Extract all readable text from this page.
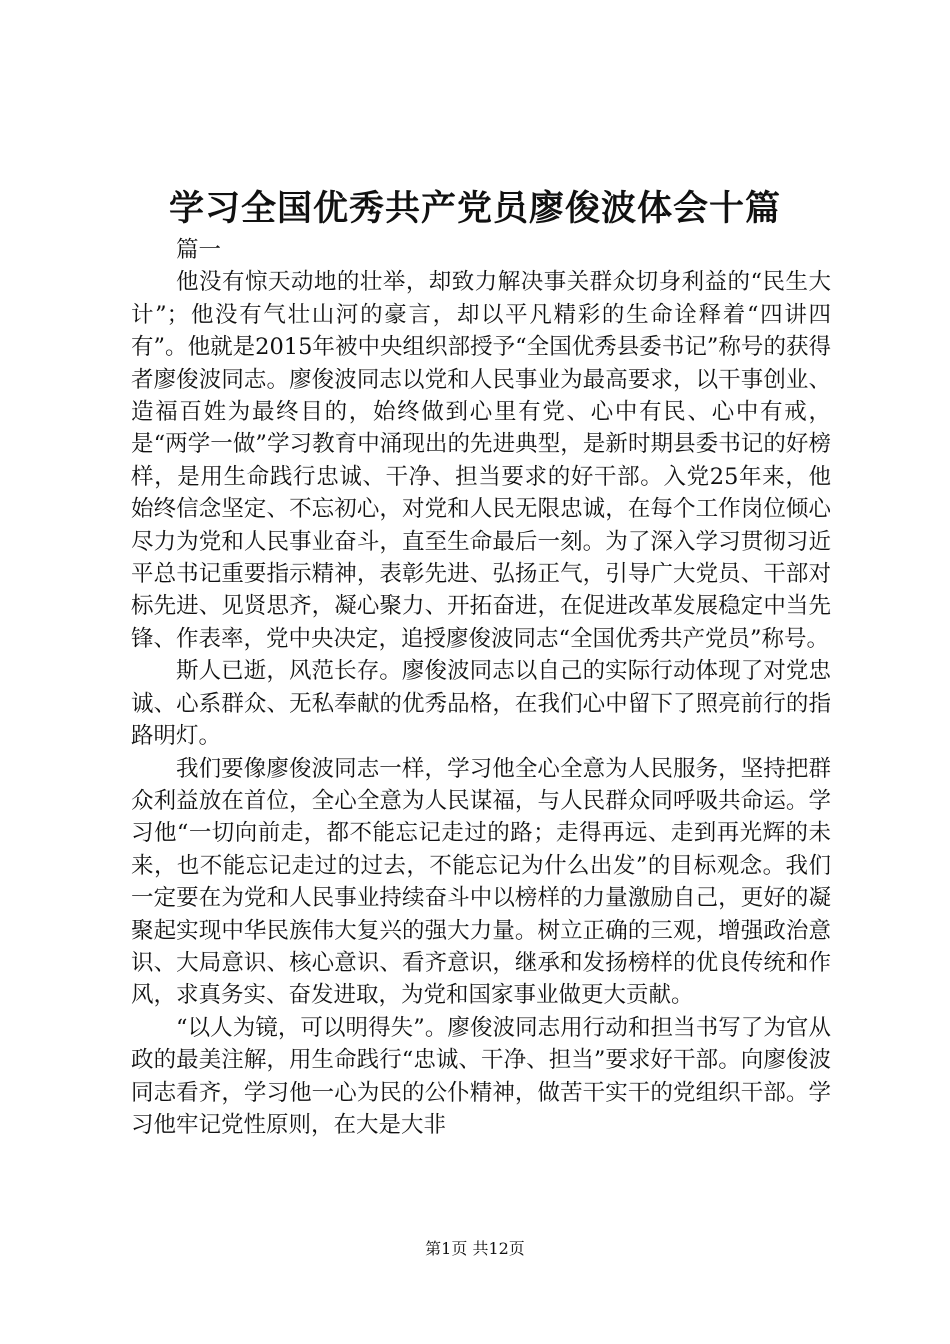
学习全国优秀共产党员廖俊波体会十篇

篇一

他没有惊天动地的壮举，却致力解决事关群众切身利益的“民生大计”；他没有气壮山河的豪言，却以平凡精彩的生命诠释着“四讲四有”。他就是2015年被中央组织部授予“全国优秀县委书记”称号的获得者廖俊波同志。廖俊波同志以党和人民事业为最高要求，以干事创业、造福百姓为最终目的，始终做到心里有党、心中有民、心中有戒，是“两学一做”学习教育中涌现出的先进典型，是新时期县委书记的好榜样，是用生命践行忠诚、干净、担当要求的好干部。入党25年来，他始终信念坚定、不忘初心，对党和人民无限忠诚，在每个工作岗位倾心尽力为党和人民事业奋斗，直至生命最后一刻。为了深入学习贯彻习近平总书记重要指示精神，表彰先进、弘扬正气，引导广大党员、干部对标先进、见贤思齐，凝心聚力、开拓奋进，在促进改革发展稳定中当先锋、作表率，党中央决定，追授廖俊波同志“全国优秀共产党员”称号。

斯人已逝，风范长存。廖俊波同志以自己的实际行动体现了对党忠诚、心系群众、无私奉献的优秀品格，在我们心中留下了照亮前行的指路明灯。

我们要像廖俊波同志一样，学习他全心全意为人民服务，坚持把群众利益放在首位，全心全意为人民谋福，与人民群众同呼吸共命运。学习他“一切向前走，都不能忘记走过的路；走得再远、走到再光辉的未来，也不能忘记走过的过去，不能忘记为什么出发”的目标观念。我们一定要在为党和人民事业持续奋斗中以榜样的力量激励自己，更好的凝聚起实现中华民族伟大复兴的强大力量。树立正确的三观，增强政治意识、大局意识、核心意识、看齐意识，继承和发扬榜样的优良传统和作风，求真务实、奋发进取，为党和国家事业做更大贡献。

“以人为镜，可以明得失”。廖俊波同志用行动和担当书写了为官从政的最美注解，用生命践行“忠诚、干净、担当”要求好干部。向廖俊波同志看齐，学习他一心为民的公仆精神，做苦干实干的党组织干部。学习他牢记党性原则，在大是大非

第1页 共12页
